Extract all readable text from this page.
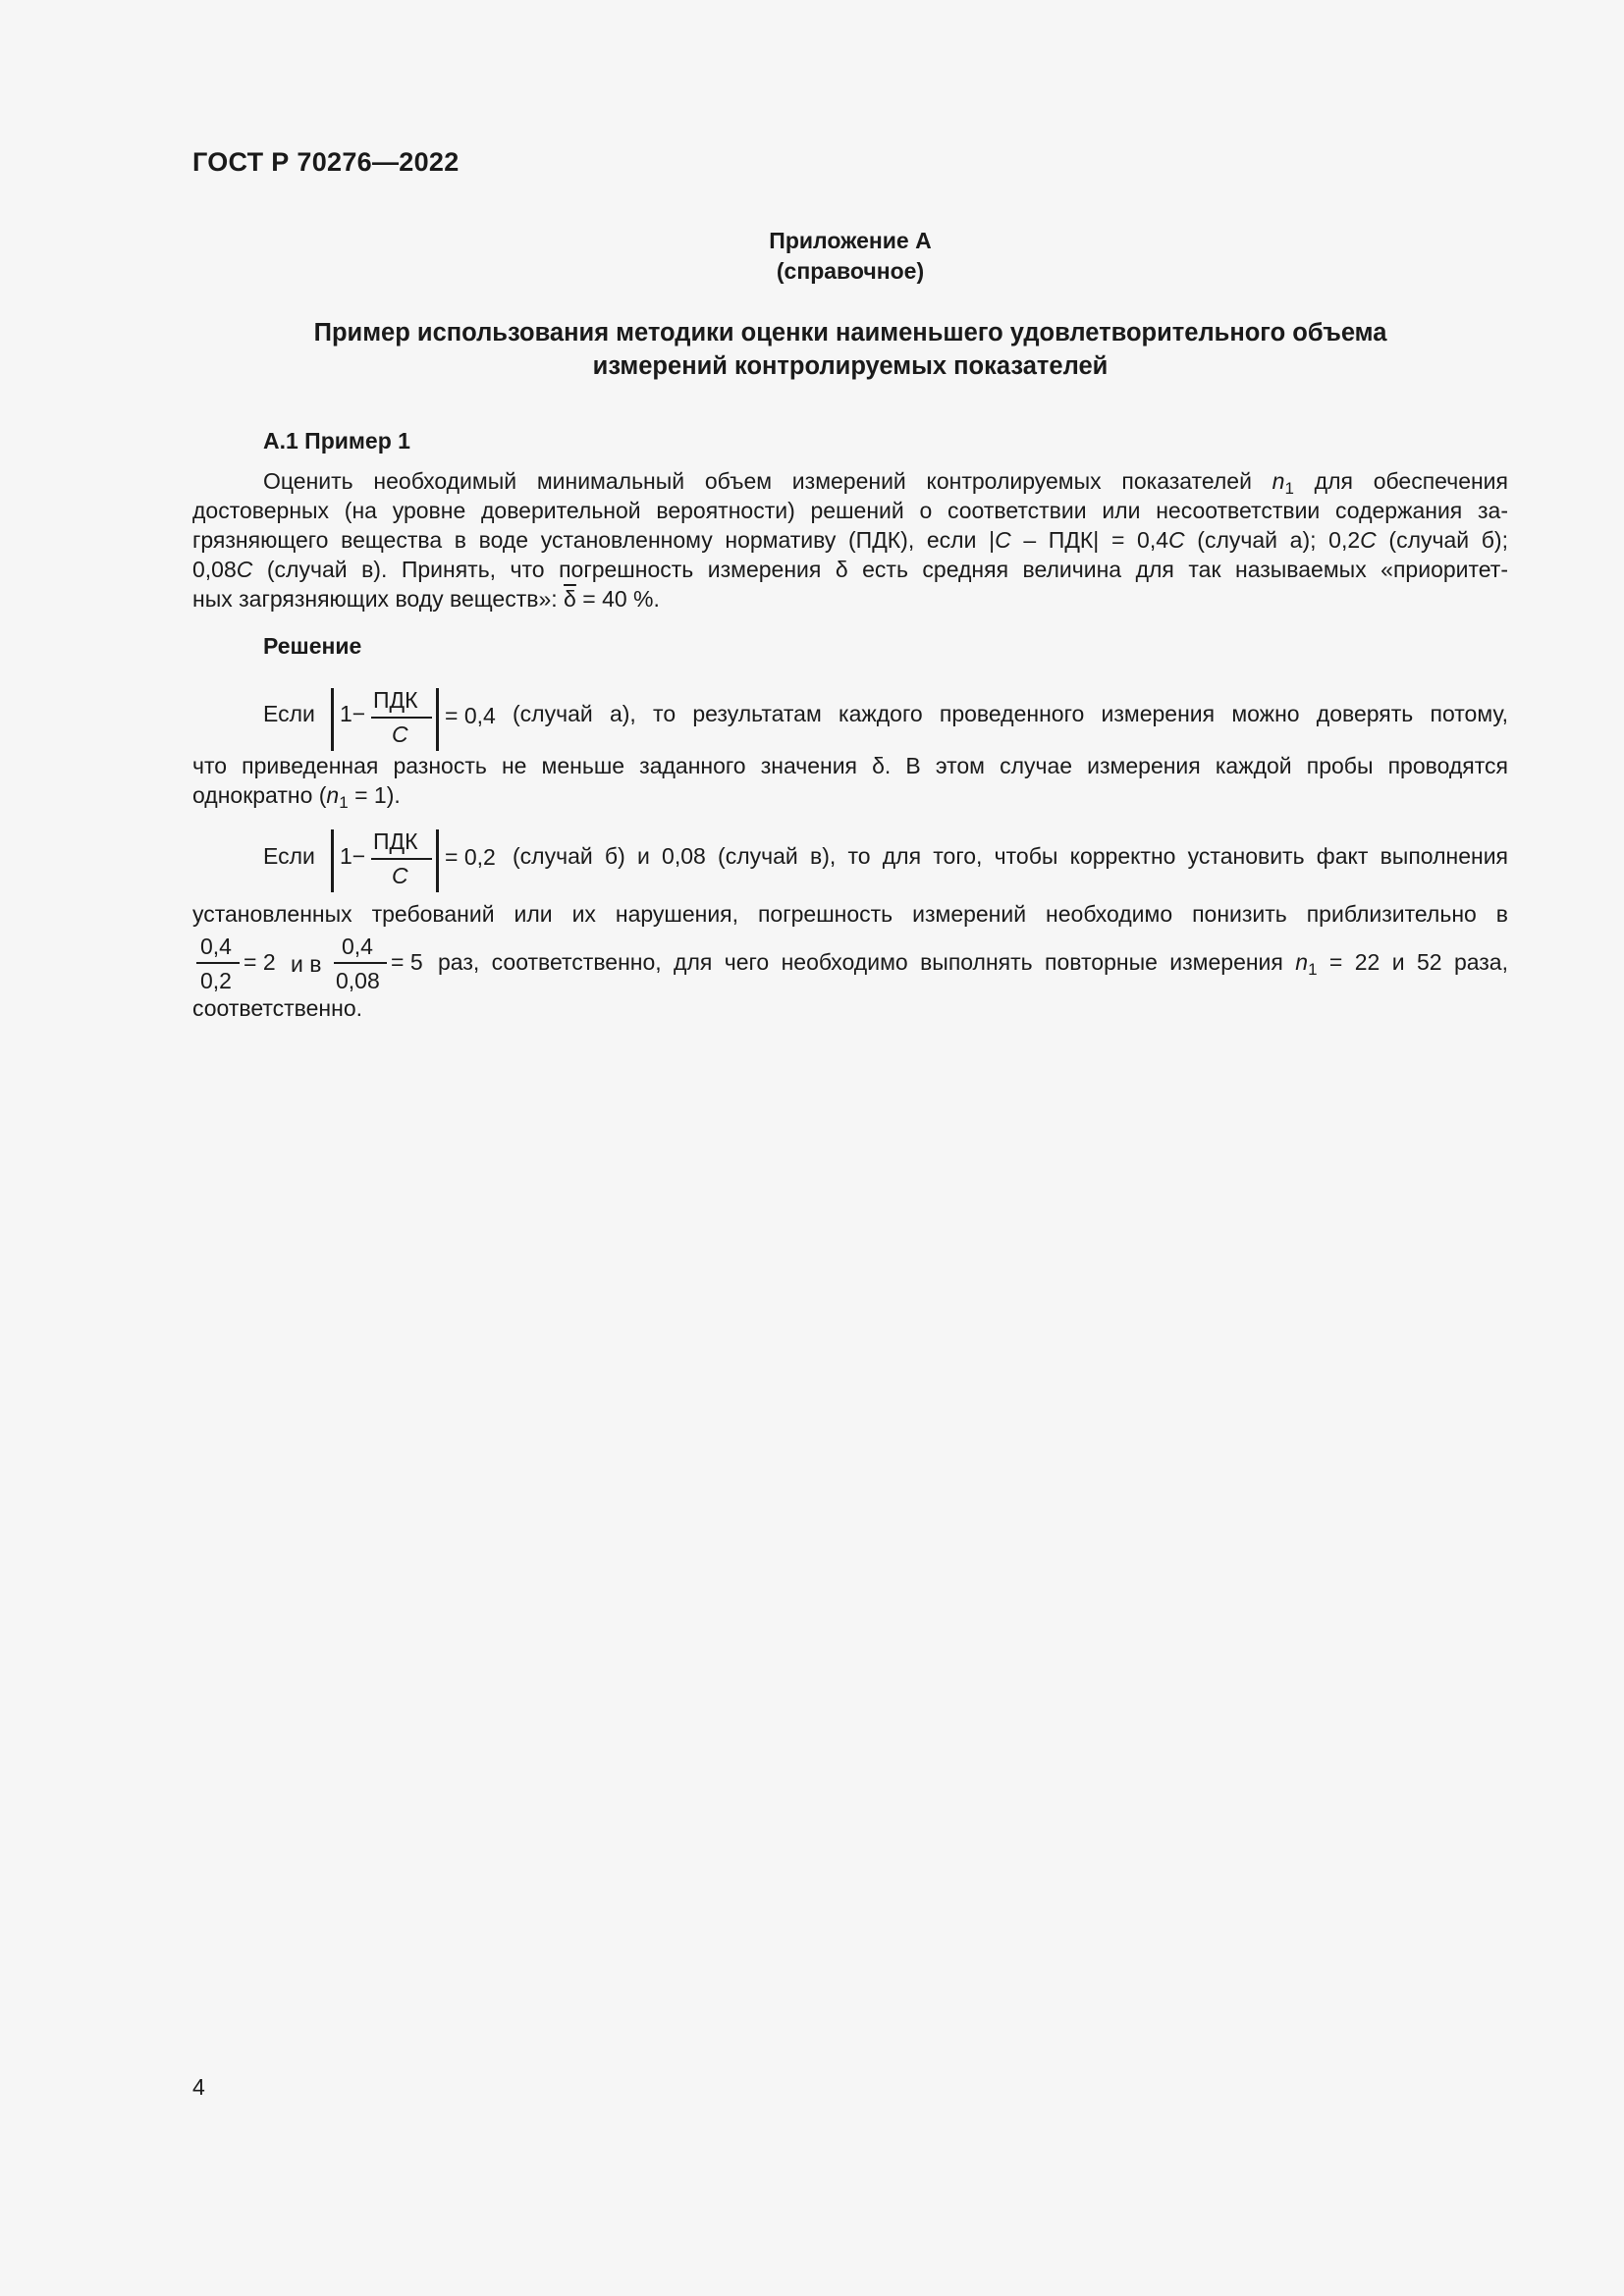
ГОСТ Р 70276—2022
Приложение А
(справочное)
Пример использования методики оценки наименьшего удовлетворительного объема
измерений контролируемых показателей
А.1 Пример 1
Оценить необходимый минимальный объем измерений контролируемых показателей $n_1$ для обеспечения
достоверных (на уровне доверительной вероятности) решений о соответствии или несоответствии содержания за-
грязняющего вещества в воде установленному нормативу (ПДК), если |C – ПДК| = 0,4C (случай а); 0,2C (случай б);
0,08C (случай в). Принять, что погрешность измерения δ есть средняя величина для так называемых «приоритет-
ных загрязняющих воду веществ»: $\overline{\delta} = 40$ %.
Решение
Если 1−
ПДК
C
= 0,4 (случай а), то результатам каждого проведенного измерения можно доверять потому,
что приведенная разность не меньше заданного значения δ. В этом случае измерения каждой пробы проводятся
однократно $(n_1 = 1)$.
Если 1−
ПДК
C
= 0,2 (случай б) и 0,08 (случай в), то для того, чтобы корректно установить факт выполнения
установленных требований или их нарушения, погрешность измерений необходимо понизить приблизительно в
0,4
0,2
= 2 и в
0,4
0,08
= 5 раз, соответственно, для чего необходимо выполнять повторные измерения $n_1 = 22$ и 52 раза,
соответственно.
4
